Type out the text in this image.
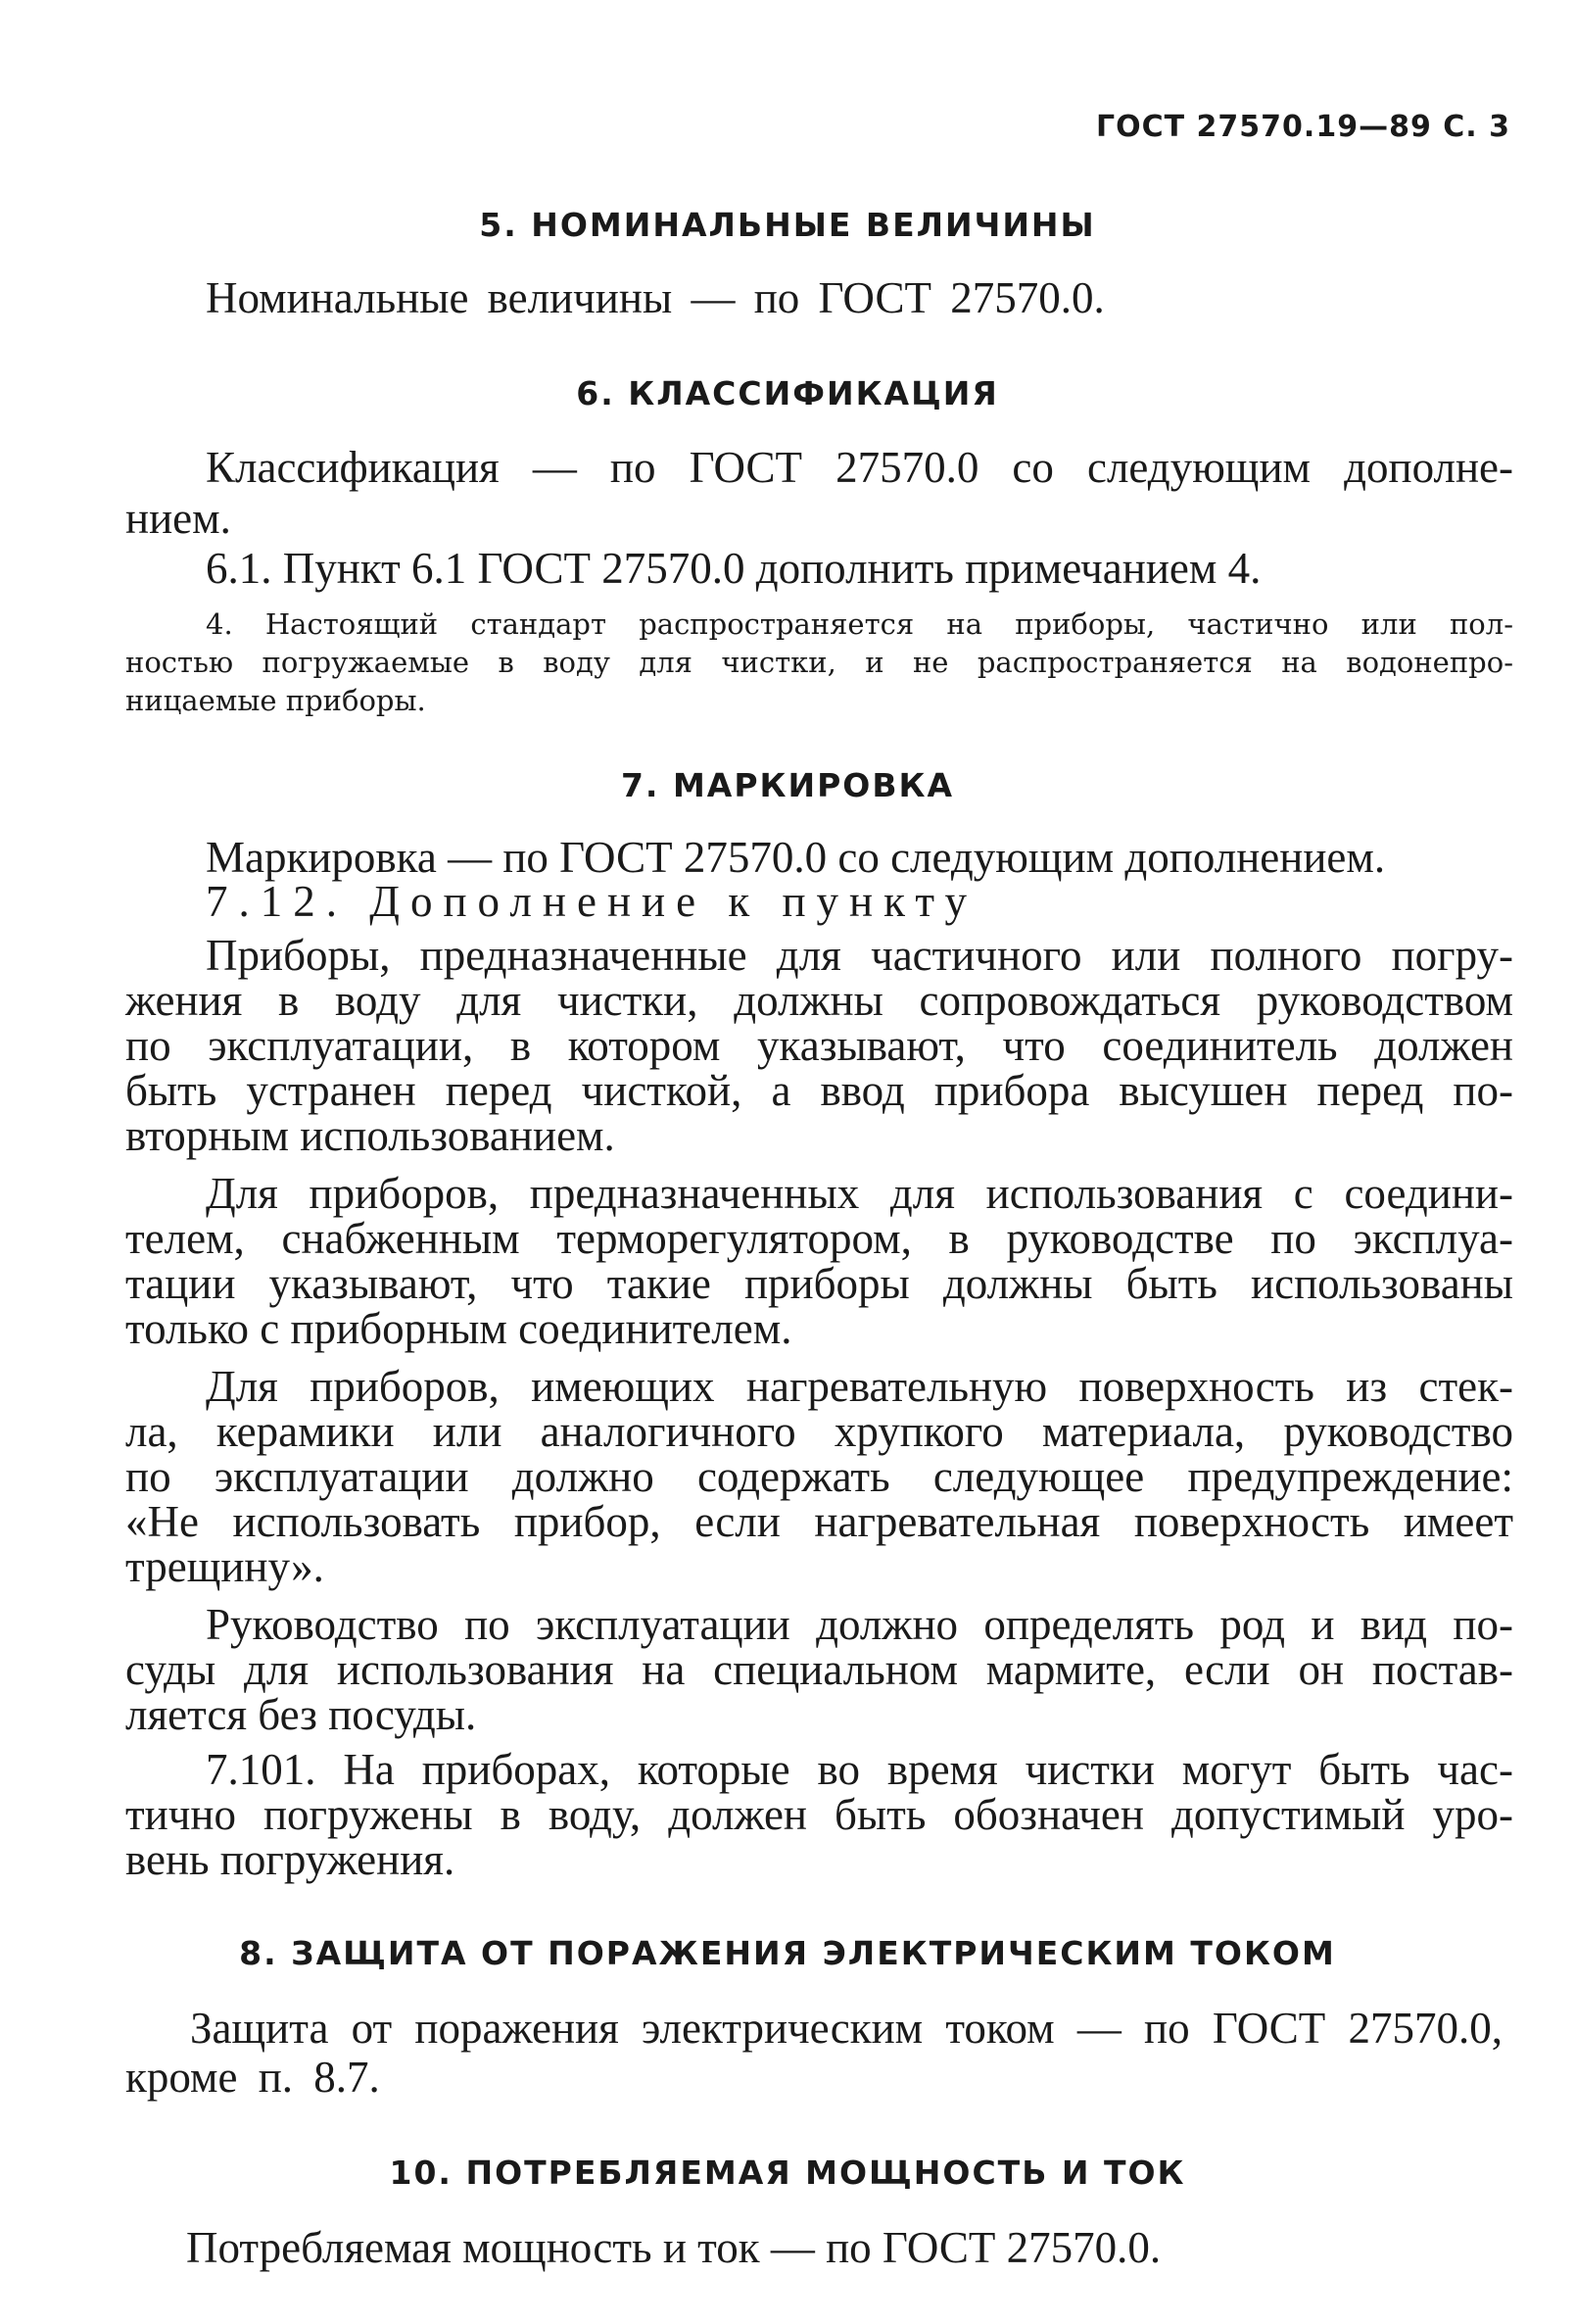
ГОСТ 27570.19—89 С. 3
5. НОМИНАЛЬНЫЕ ВЕЛИЧИНЫ
Номинальные величины — по ГОСТ 27570.0.
6. КЛАССИФИКАЦИЯ
Классификация — по ГОСТ 27570.0 со следующим дополне-
нием.
6.1. Пункт 6.1 ГОСТ 27570.0 дополнить примечанием 4.
4. Настоящий стандарт распространяется на приборы, частично или пол-
ностью погружаемые в воду для чистки, и не распространяется на водонепро-
ницаемые приборы.
7. МАРКИРОВКА
Маркировка — по ГОСТ 27570.0 со следующим дополнением.
7.12. Дополнение к пункту
Приборы, предназначенные для частичного или полного погру-
жения в воду для чистки, должны сопровождаться руководством
по эксплуатации, в котором указывают, что соединитель должен
быть устранен перед чисткой, а ввод прибора высушен перед по-
вторным использованием.
Для приборов, предназначенных для использования с соедини-
телем, снабженным терморегулятором, в руководстве по эксплуа-
тации указывают, что такие приборы должны быть использованы
только с приборным соединителем.
Для приборов, имеющих нагревательную поверхность из стек-
ла, керамики или аналогичного хрупкого материала, руководство
по эксплуатации должно содержать следующее предупреждение:
«Не использовать прибор, если нагревательная поверхность имеет
трещину».
Руководство по эксплуатации должно определять род и вид по-
суды для использования на специальном мармите, если он постав-
ляется без посуды.
7.101. На приборах, которые во время чистки могут быть час-
тично погружены в воду, должен быть обозначен допустимый уро-
вень погружения.
8. ЗАЩИТА ОТ ПОРАЖЕНИЯ ЭЛЕКТРИЧЕСКИМ ТОКОМ
Защита от поражения электрическим током — по ГОСТ 27570.0,
кроме п. 8.7.
10. ПОТРЕБЛЯЕМАЯ МОЩНОСТЬ И ТОК
Потребляемая мощность и ток — по ГОСТ 27570.0.
